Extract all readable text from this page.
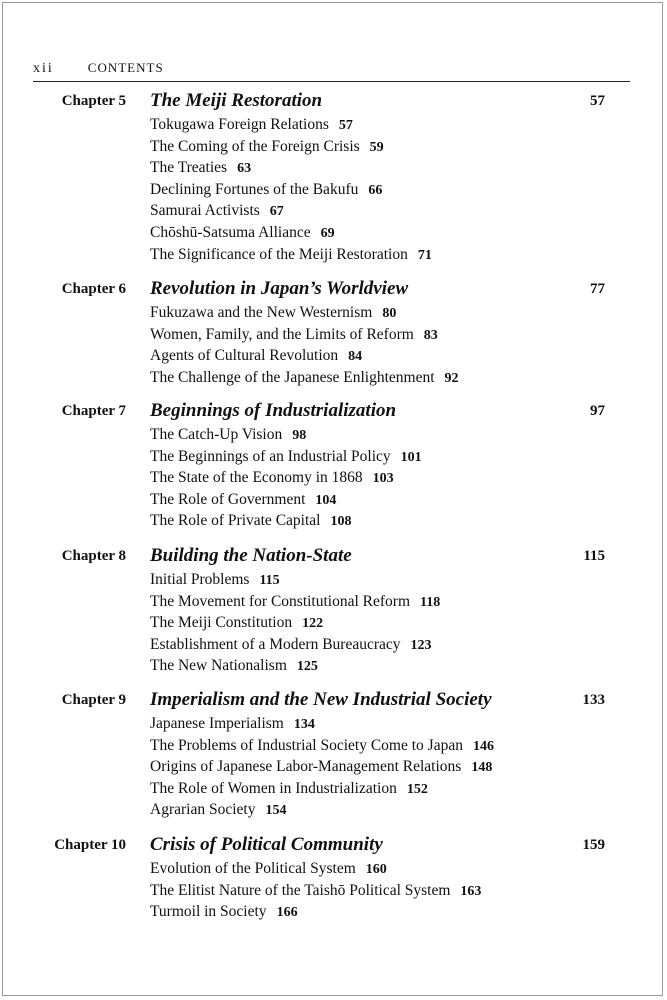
xii	CONTENTS
Chapter 5 The Meiji Restoration	57
Tokugawa Foreign Relations 57
The Coming of the Foreign Crisis 59
The Treaties 63
Declining Fortunes of the Bakufu 66
Samurai Activists 67
Chōshū-Satsuma Alliance 69
The Significance of the Meiji Restoration 71
Chapter 6 Revolution in Japan’s Worldview	77
Fukuzawa and the New Westernism 80
Women, Family, and the Limits of Reform 83
Agents of Cultural Revolution 84
The Challenge of the Japanese Enlightenment 92
Chapter 7 Beginnings of Industrialization	97
The Catch-Up Vision 98
The Beginnings of an Industrial Policy 101
The State of the Economy in 1868 103
The Role of Government 104
The Role of Private Capital 108
Chapter 8 Building the Nation-State	115
Initial Problems 115
The Movement for Constitutional Reform 118
The Meiji Constitution 122
Establishment of a Modern Bureaucracy 123
The New Nationalism 125
Chapter 9 Imperialism and the New Industrial Society	133
Japanese Imperialism 134
The Problems of Industrial Society Come to Japan 146
Origins of Japanese Labor-Management Relations 148
The Role of Women in Industrialization 152
Agrarian Society 154
Chapter 10 Crisis of Political Community	159
Evolution of the Political System 160
The Elitist Nature of the Taishō Political System 163
Turmoil in Society 166
